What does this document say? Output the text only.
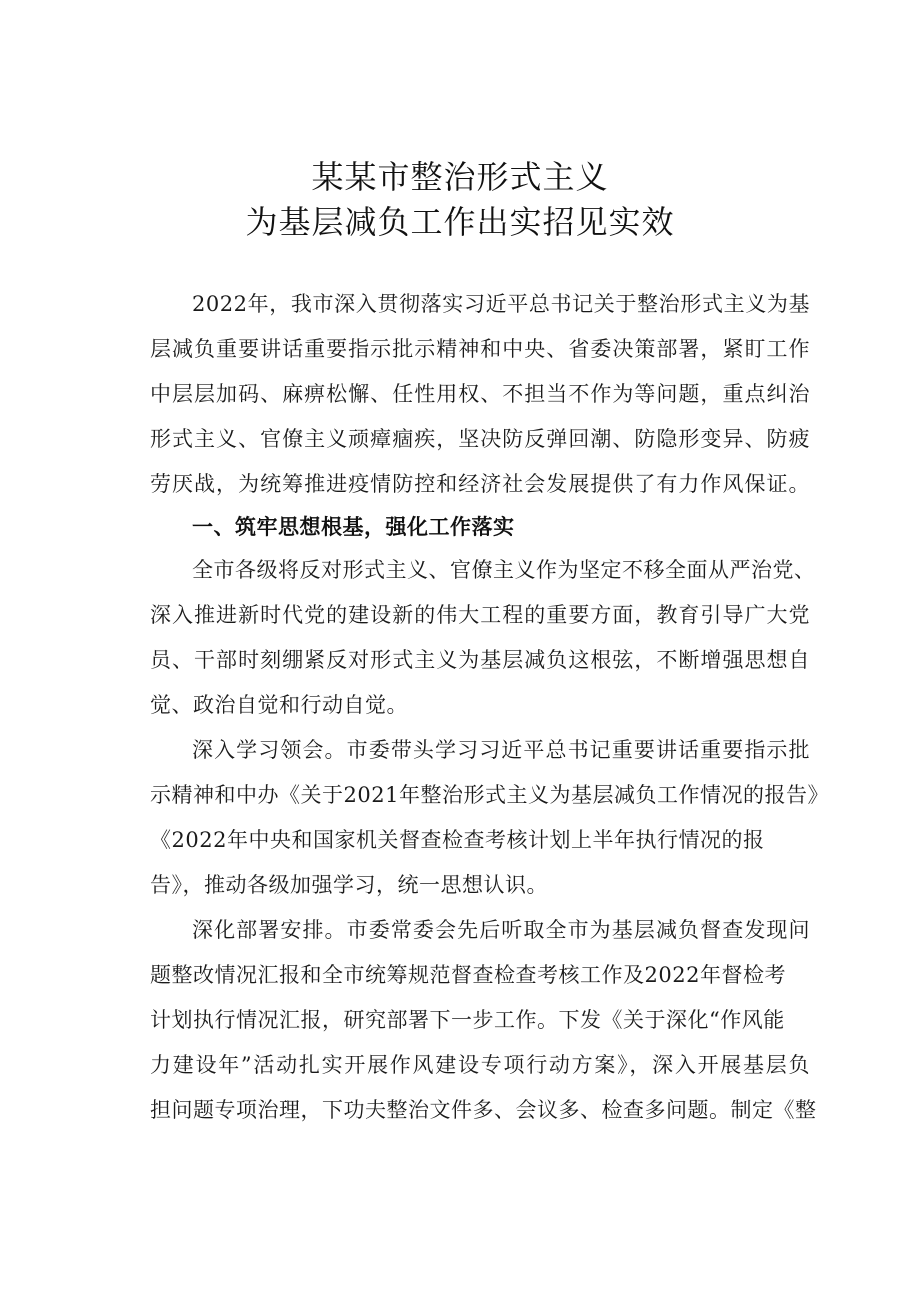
某某市整治形式主义
为基层减负工作出实招见实效
2022年，我市深入贯彻落实习近平总书记关于整治形式主义为基
层减负重要讲话重要指示批示精神和中央、省委决策部署，紧盯工作
中层层加码、麻痹松懈、任性用权、不担当不作为等问题，重点纠治
形式主义、官僚主义顽瘴痼疾，坚决防反弹回潮、防隐形变异、防疲
劳厌战，为统筹推进疫情防控和经济社会发展提供了有力作风保证。
一、筑牢思想根基，强化工作落实
全市各级将反对形式主义、官僚主义作为坚定不移全面从严治党、
深入推进新时代党的建设新的伟大工程的重要方面，教育引导广大党
员、干部时刻绷紧反对形式主义为基层减负这根弦，不断增强思想自
觉、政治自觉和行动自觉。
深入学习领会。市委带头学习习近平总书记重要讲话重要指示批
示精神和中办《关于2021年整治形式主义为基层减负工作情况的报告》
《2022年中央和国家机关督查检查考核计划上半年执行情况的报
告》，推动各级加强学习，统一思想认识。
深化部署安排。市委常委会先后听取全市为基层减负督查发现问
题整改情况汇报和全市统筹规范督查检查考核工作及2022年督检考
计划执行情况汇报，研究部署下一步工作。下发《关于深化“作风能
力建设年”活动扎实开展作风建设专项行动方案》，深入开展基层负
担问题专项治理，下功夫整治文件多、会议多、检查多问题。制定《整
